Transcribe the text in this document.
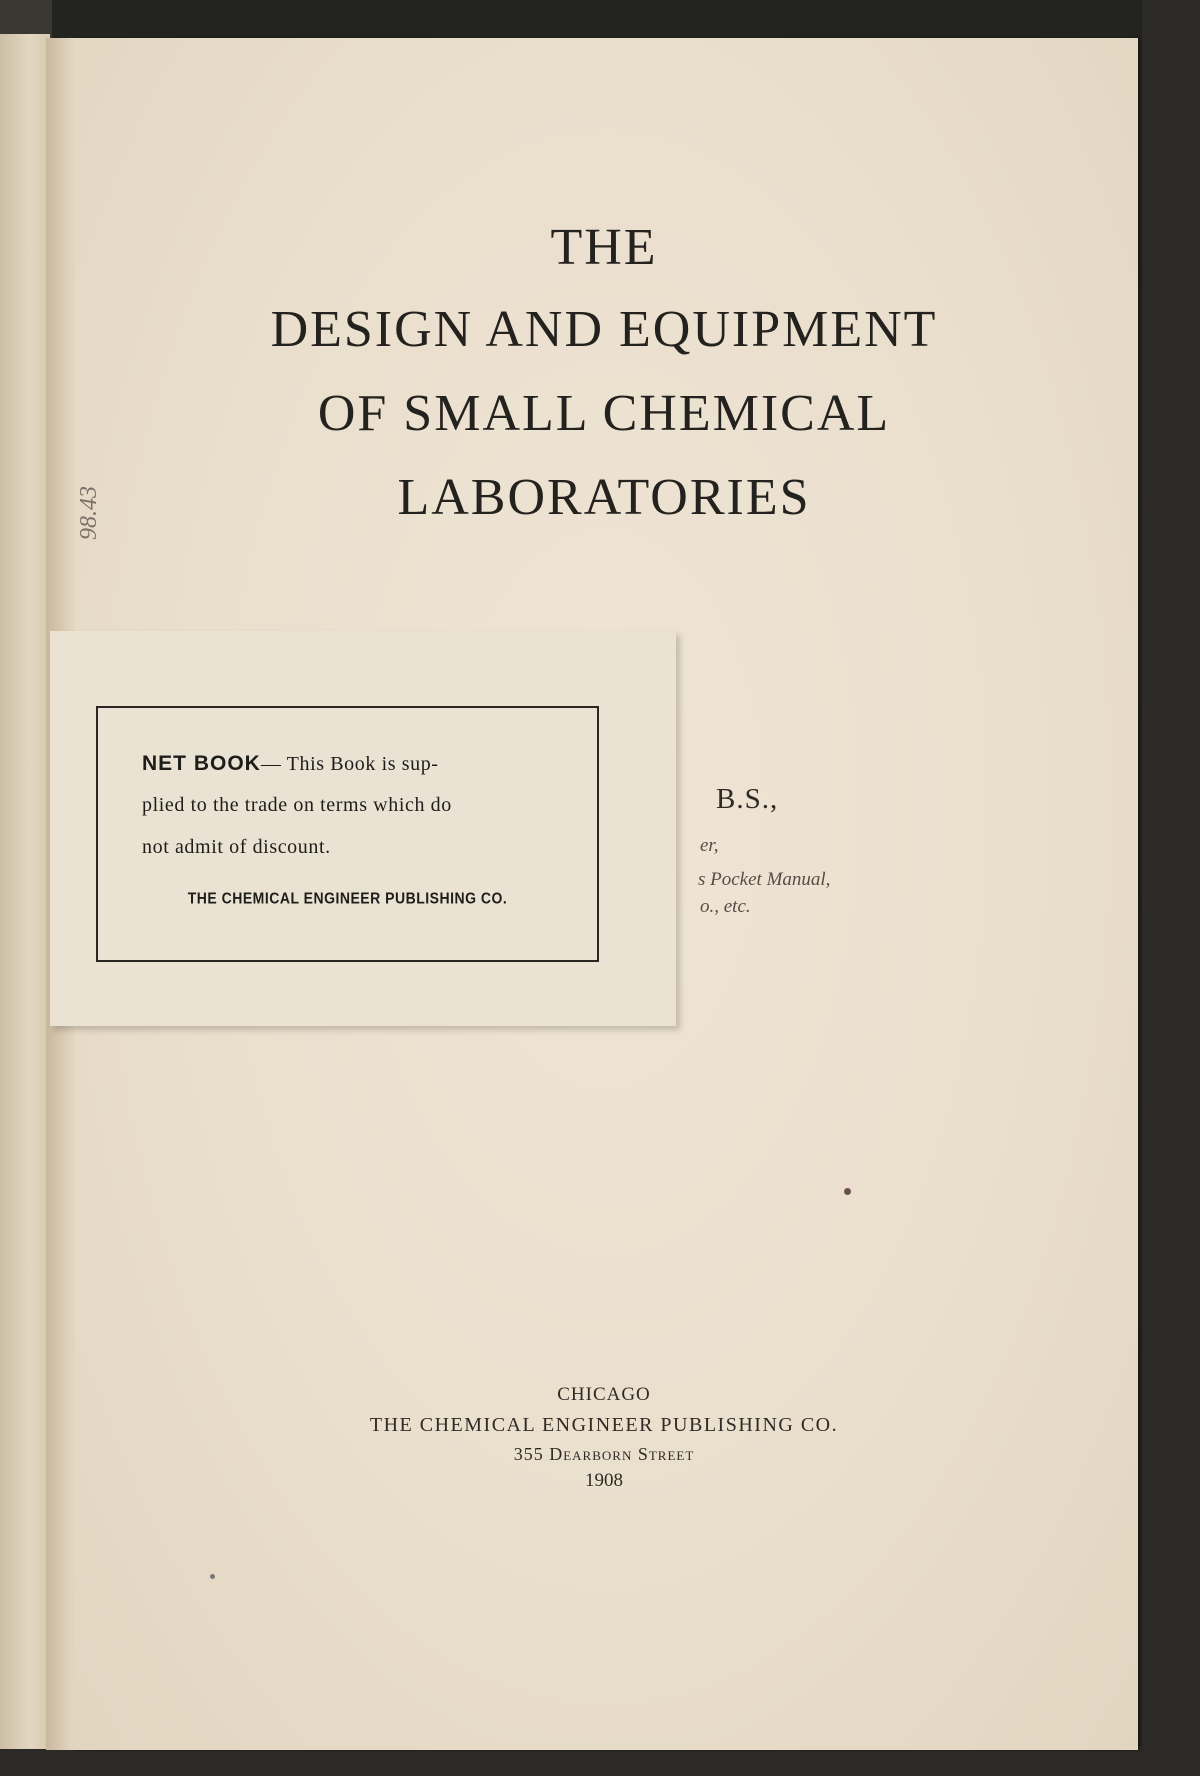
THE
DESIGN AND EQUIPMENT
OF SMALL CHEMICAL
LABORATORIES
B.S.,
er,
s Pocket Manual,
o., etc.
CHICAGO
THE CHEMICAL ENGINEER PUBLISHING CO.
355 Dearborn Street
1908
NET BOOK— This Book is sup-
plied to the trade on terms which do
not admit of discount.
THE CHEMICAL ENGINEER PUBLISHING CO.
98.43
